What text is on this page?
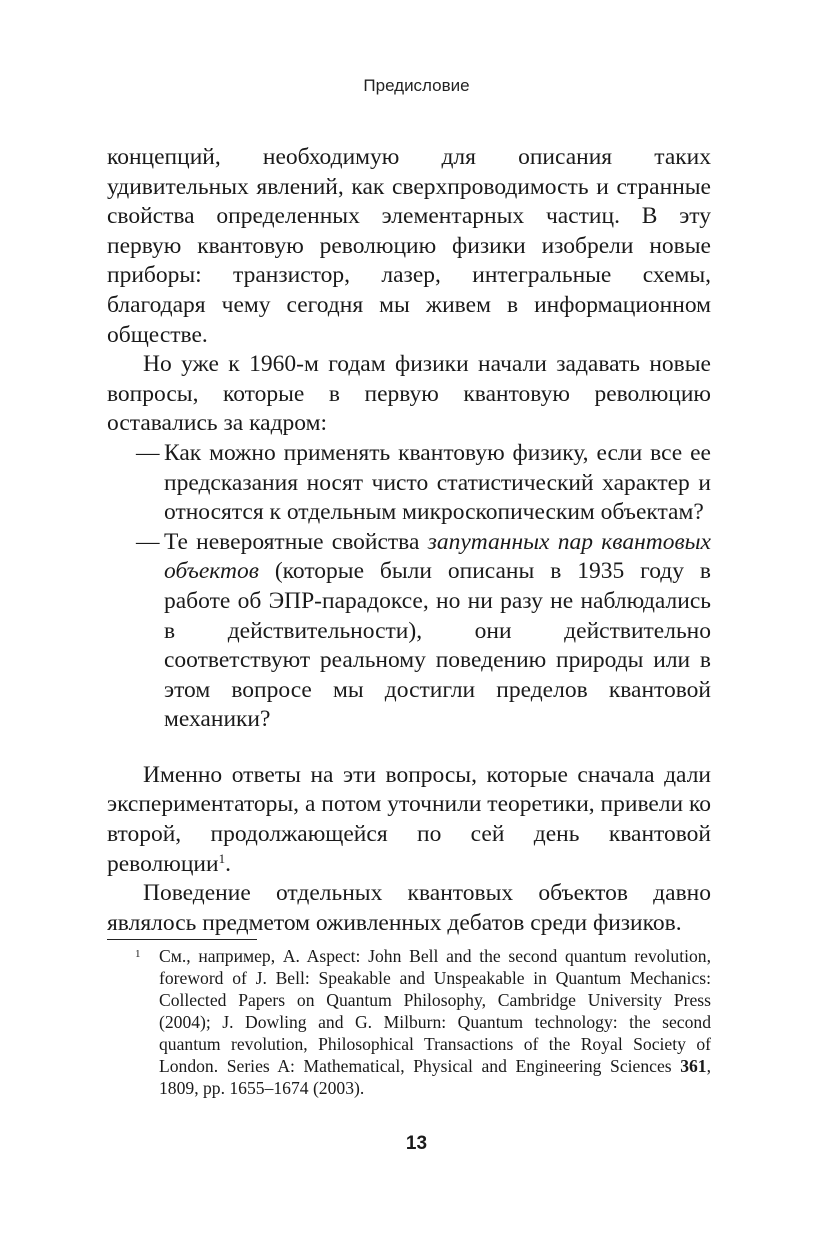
Предисловие

концепций, необходимую для описания таких удивительных явлений, как сверхпроводимость и странные свойства определенных элементарных частиц. В эту первую квантовую революцию физики изобрели новые приборы: транзистор, лазер, интегральные схемы, благодаря чему сегодня мы живем в информационном обществе.

Но уже к 1960-м годам физики начали задавать новые вопросы, которые в первую квантовую революцию оставались за кадром:

— Как можно применять квантовую физику, если все ее предсказания носят чисто статистический характер и относятся к отдельным микроскопическим объектам?

— Те невероятные свойства запутанных пар квантовых объектов (которые были описаны в 1935 году в работе об ЭПР-парадоксе, но ни разу не наблюдались в действительности), они действительно соответствуют реальному поведению природы или в этом вопросе мы достигли пределов квантовой механики?

Именно ответы на эти вопросы, которые сначала дали экспериментаторы, а потом уточнили теоретики, привели ко второй, продолжающейся по сей день квантовой революции$^1$.

Поведение отдельных квантовых объектов давно являлось предметом оживленных дебатов среди физиков.

1 См., например, A. Aspect: John Bell and the second quantum revolution, foreword of J. Bell: Speakable and Unspeakable in Quantum Mechanics: Collected Papers on Quantum Philosophy, Cambridge University Press (2004); J. Dowling and G. Milburn: Quantum technology: the second quantum revolution, Philosophical Transactions of the Royal Society of London. Series A: Mathematical, Physical and Engineering Sciences 361, 1809, pp. 1655–1674 (2003).
13
